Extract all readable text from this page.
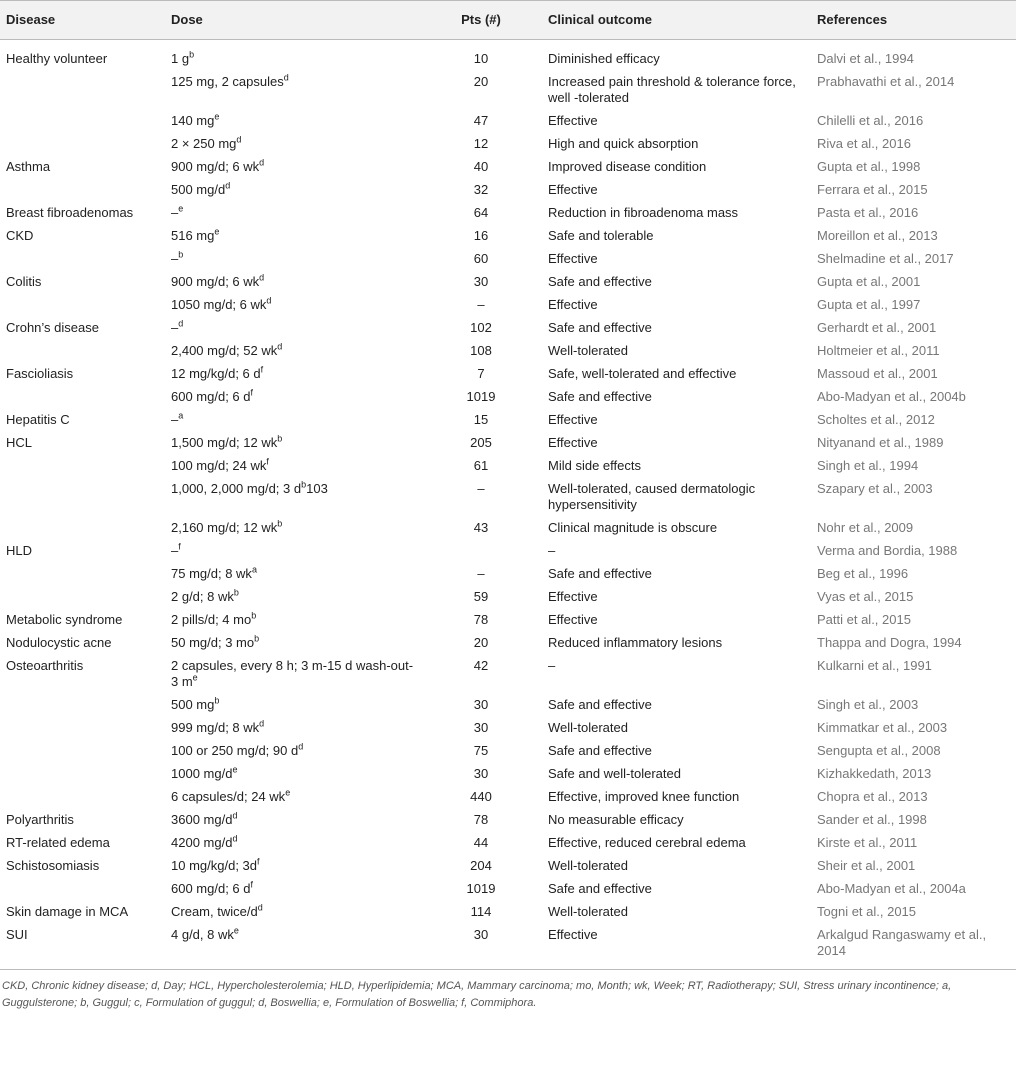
Disease	Dose	Pts (#)	Clinical outcome	References
Healthy volunteer	1 $g^b$	10	Diminished efficacy	Dalvi et al., 1994
	125 mg, 2 capsules$^d$	20	Increased pain threshold & tolerance force, well -tolerated	Prabhavathi et al., 2014
	140 $mg^e$	47	Effective	Chilelli et al., 2016
	2 × 250 $mg^d$	12	High and quick absorption	Riva et al., 2016
Asthma	900 mg/d; 6 $wk^d$	40	Improved disease condition	Gupta et al., 1998
	500 $mg/d^d$	32	Effective	Ferrara et al., 2015
Breast fibroadenomas	–$^e$	64	Reduction in fibroadenoma mass	Pasta et al., 2016
CKD	516 $mg^e$	16	Safe and tolerable	Moreillon et al., 2013
	–$^b$	60	Effective	Shelmadine et al., 2017
Colitis	900 mg/d; 6 $wk^d$	30	Safe and effective	Gupta et al., 2001
	1050 mg/d; 6 $wk^d$	–	Effective	Gupta et al., 1997
Crohn’s disease	–$^d$	102	Safe and effective	Gerhardt et al., 2001
	2,400 mg/d; 52 $wk^d$	108	Well-tolerated	Holtmeier et al., 2011
Fascioliasis	12 mg/kg/d; 6 $d^f$	7	Safe, well-tolerated and effective	Massoud et al., 2001
	600 mg/d; 6 $d^f$	1019	Safe and effective	Abo-Madyan et al., 2004b
Hepatitis C	–$^a$	15	Effective	Scholtes et al., 2012
HCL	1,500 mg/d; 12 $wk^b$	205	Effective	Nityanand et al., 1989
	100 mg/d; 24 $wk^f$	61	Mild side effects	Singh et al., 1994
	1,000, 2,000 mg/d; 3 $d^b103$	–	Well-tolerated, caused dermatologic hypersensitivity	Szapary et al., 2003
	2,160 mg/d; 12 $wk^b$	43	Clinical magnitude is obscure	Nohr et al., 2009
HLD	–$^f$		–	Verma and Bordia, 1988
	75 mg/d; 8 $wk^a$	–	Safe and effective	Beg et al., 1996
	2 g/d; 8 $wk^b$	59	Effective	Vyas et al., 2015
Metabolic syndrome	2 pills/d; 4 $mo^b$	78	Effective	Patti et al., 2015
Nodulocystic acne	50 mg/d; 3 $mo^b$	20	Reduced inflammatory lesions	Thappa and Dogra, 1994
Osteoarthritis	2 capsules, every 8 h; 3 m-15 d wash-out-3 $m^e$	42	–	Kulkarni et al., 1991
	500 $mg^b$	30	Safe and effective	Singh et al., 2003
	999 mg/d; 8 $wk^d$	30	Well-tolerated	Kimmatkar et al., 2003
	100 or 250 mg/d; 90 $d^d$	75	Safe and effective	Sengupta et al., 2008
	1000 $mg/d^e$	30	Safe and well-tolerated	Kizhakkedath, 2013
	6 capsules/d; 24 $wk^e$	440	Effective, improved knee function	Chopra et al., 2013
Polyarthritis	3600 $mg/d^d$	78	No measurable efficacy	Sander et al., 1998
RT-related edema	4200 $mg/d^d$	44	Effective, reduced cerebral edema	Kirste et al., 2011
Schistosomiasis	10 mg/kg/d; $3d^f$	204	Well-tolerated	Sheir et al., 2001
	600 mg/d; 6 $d^f$	1019	Safe and effective	Abo-Madyan et al., 2004a
Skin damage in MCA	Cream, twice/$d^d$	114	Well-tolerated	Togni et al., 2015
SUI	4 g/d, 8 $wk^e$	30	Effective	Arkalgud Rangaswamy et al., 2014
CKD, Chronic kidney disease; d, Day; HCL, Hypercholesterolemia; HLD, Hyperlipidemia; MCA, Mammary carcinoma; mo, Month; wk, Week; RT, Radiotherapy; SUI, Stress urinary incontinence; a, Guggulsterone; b, Guggul; c, Formulation of guggul; d, Boswellia; e, Formulation of Boswellia; f, Commiphora.
